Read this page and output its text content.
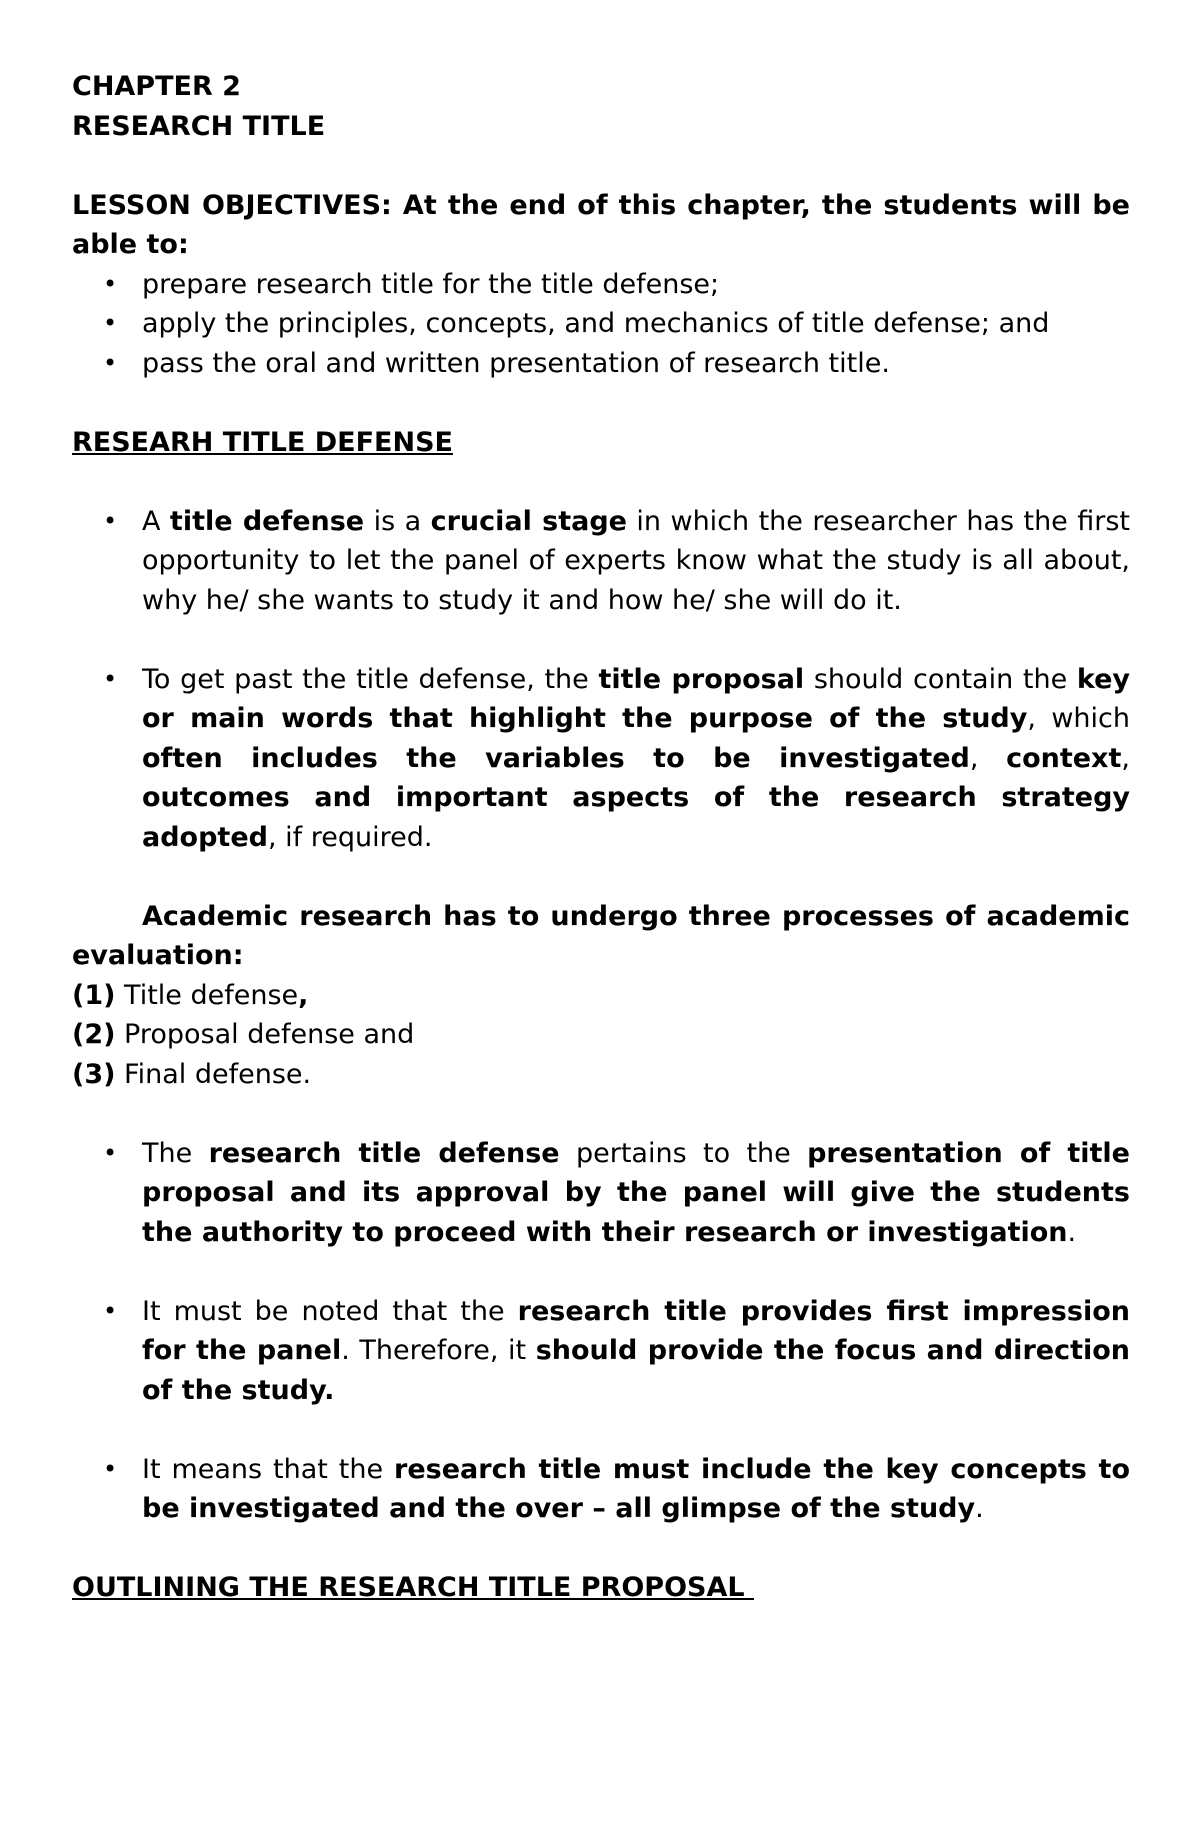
CHAPTER 2

RESEARCH TITLE

LESSON OBJECTIVES: At the end of this chapter, the students will be able to:

• prepare research title for the title defense;
• apply the principles, concepts, and mechanics of title defense; and
• pass the oral and written presentation of research title.

RESEARH TITLE DEFENSE

• A title defense is a crucial stage in which the researcher has the first opportunity to let the panel of experts know what the study is all about, why he/ she wants to study it and how he/ she will do it.
• To get past the title defense, the title proposal should contain the key or main words that highlight the purpose of the study, which often includes the variables to be investigated, context, outcomes and important aspects of the research strategy adopted, if required.

Academic research has to undergo three processes of academic evaluation:

(1) Title defense,

(2) Proposal defense and

(3) Final defense.

• The research title defense pertains to the presentation of title proposal and its approval by the panel will give the students the authority to proceed with their research or investigation.
• It must be noted that the research title provides first impression for the panel. Therefore, it should provide the focus and direction of the study.
• It means that the research title must include the key concepts to be investigated and the over – all glimpse of the study.

OUTLINING THE RESEARCH TITLE PROPOSAL
